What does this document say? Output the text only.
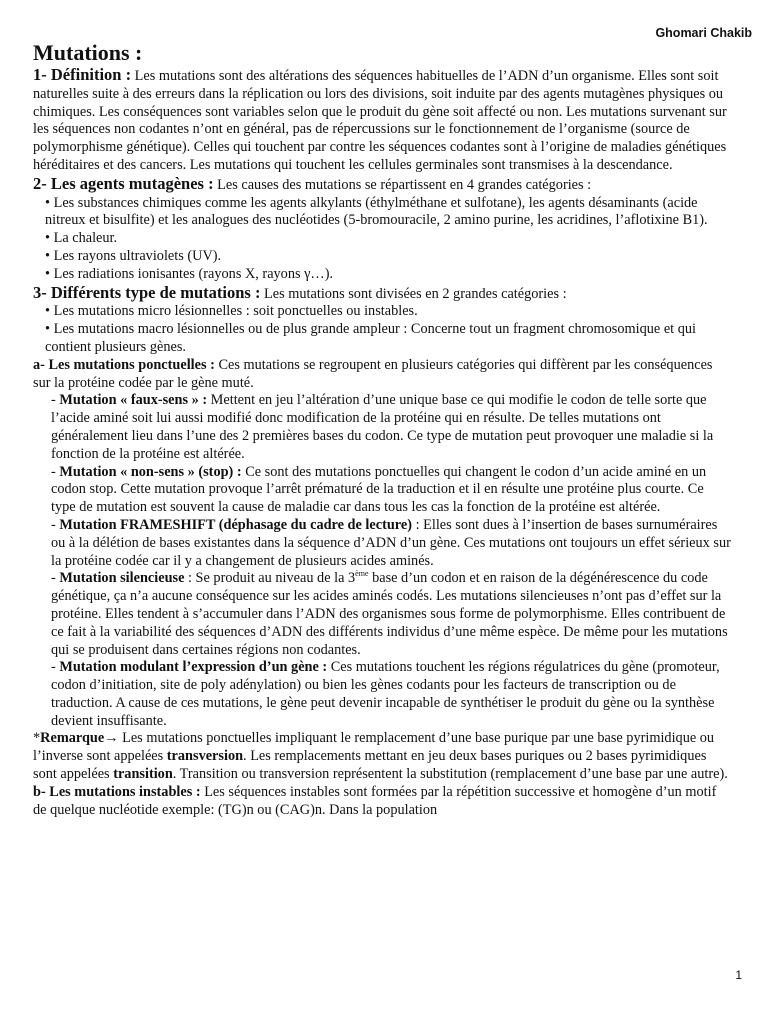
Ghomari Chakib

Mutations :

1- Définition : Les mutations sont des altérations des séquences habituelles de l’ADN d’un organisme. Elles sont soit naturelles suite à des erreurs dans la réplication ou lors des divisions, soit induite par des agents mutagènes physiques ou chimiques. Les conséquences sont variables selon que le produit du gène soit affecté ou non. Les mutations survenant sur les séquences non codantes n’ont en général, pas de répercussions sur le fonctionnement de l’organisme (source de polymorphisme génétique). Celles qui touchent par contre les séquences codantes sont à l’origine de maladies génétiques héréditaires et des cancers. Les mutations qui touchent les cellules germinales sont transmises à la descendance.

2- Les agents mutagènes : Les causes des mutations se répartissent en 4 grandes catégories :

• Les substances chimiques comme les agents alkylants (éthylméthane et sulfotane), les agents désaminants (acide nitreux et bisulfite) et les analogues des nucléotides (5-bromouracile, 2 amino purine, les acridines, l’aflotixine B1).

• La chaleur.

• Les rayons ultraviolets (UV).

• Les radiations ionisantes (rayons X, rayons γ…).

3- Différents type de mutations : Les mutations sont divisées en 2 grandes catégories :

• Les mutations micro lésionnelles : soit ponctuelles ou instables.

• Les mutations macro lésionnelles ou de plus grande ampleur : Concerne tout un fragment chromosomique et qui contient plusieurs gènes.

a- Les mutations ponctuelles : Ces mutations se regroupent en plusieurs catégories qui diffèrent par les conséquences sur la protéine codée par le gène muté.

- Mutation « faux-sens » : Mettent en jeu l’altération d’une unique base ce qui modifie le codon de telle sorte que l’acide aminé soit lui aussi modifié donc modification de la protéine qui en résulte. De telles mutations ont généralement lieu dans l’une des 2 premières bases du codon. Ce type de mutation peut provoquer une maladie si la fonction de la protéine est altérée.

- Mutation « non-sens » (stop) : Ce sont des mutations ponctuelles qui changent le codon d’un acide aminé en un codon stop. Cette mutation provoque l’arrêt prématuré de la traduction et il en résulte une protéine plus courte. Ce type de mutation est souvent la cause de maladie car dans tous les cas la fonction de la protéine est altérée.

- Mutation FRAMESHIFT (déphasage du cadre de lecture) : Elles sont dues à l’insertion de bases surnuméraires ou à la délétion de bases existantes dans la séquence d’ADN d’un gène. Ces mutations ont toujours un effet sérieux sur la protéine codée car il y a changement de plusieurs acides aminés.

- Mutation silencieuse : Se produit au niveau de la 3ème base d’un codon et en raison de la dégénérescence du code génétique, ça n’a aucune conséquence sur les acides aminés codés. Les mutations silencieuses n’ont pas d’effet sur la protéine. Elles tendent à s’accumuler dans l’ADN des organismes sous forme de polymorphisme. Elles contribuent de ce fait à la variabilité des séquences d’ADN des différents individus d’une même espèce. De même pour les mutations qui se produisent dans certaines régions non codantes.

- Mutation modulant l’expression d’un gène : Ces mutations touchent les régions régulatrices du gène (promoteur, codon d’initiation, site de poly adénylation) ou bien les gènes codants pour les facteurs de transcription ou de traduction. A cause de ces mutations, le gène peut devenir incapable de synthétiser le produit du gène ou la synthèse devient insuffisante.

*Remarque→ Les mutations ponctuelles impliquant le remplacement d’une base purique par une base pyrimidique ou l’inverse sont appelées transversion. Les remplacements mettant en jeu deux bases puriques ou 2 bases pyrimidiques sont appelées transition. Transition ou transversion représentent la substitution (remplacement d’une base par une autre).

b- Les mutations instables : Les séquences instables sont formées par la répétition successive et homogène d’un motif de quelque nucléotide exemple: (TG)n ou (CAG)n. Dans la population

1
